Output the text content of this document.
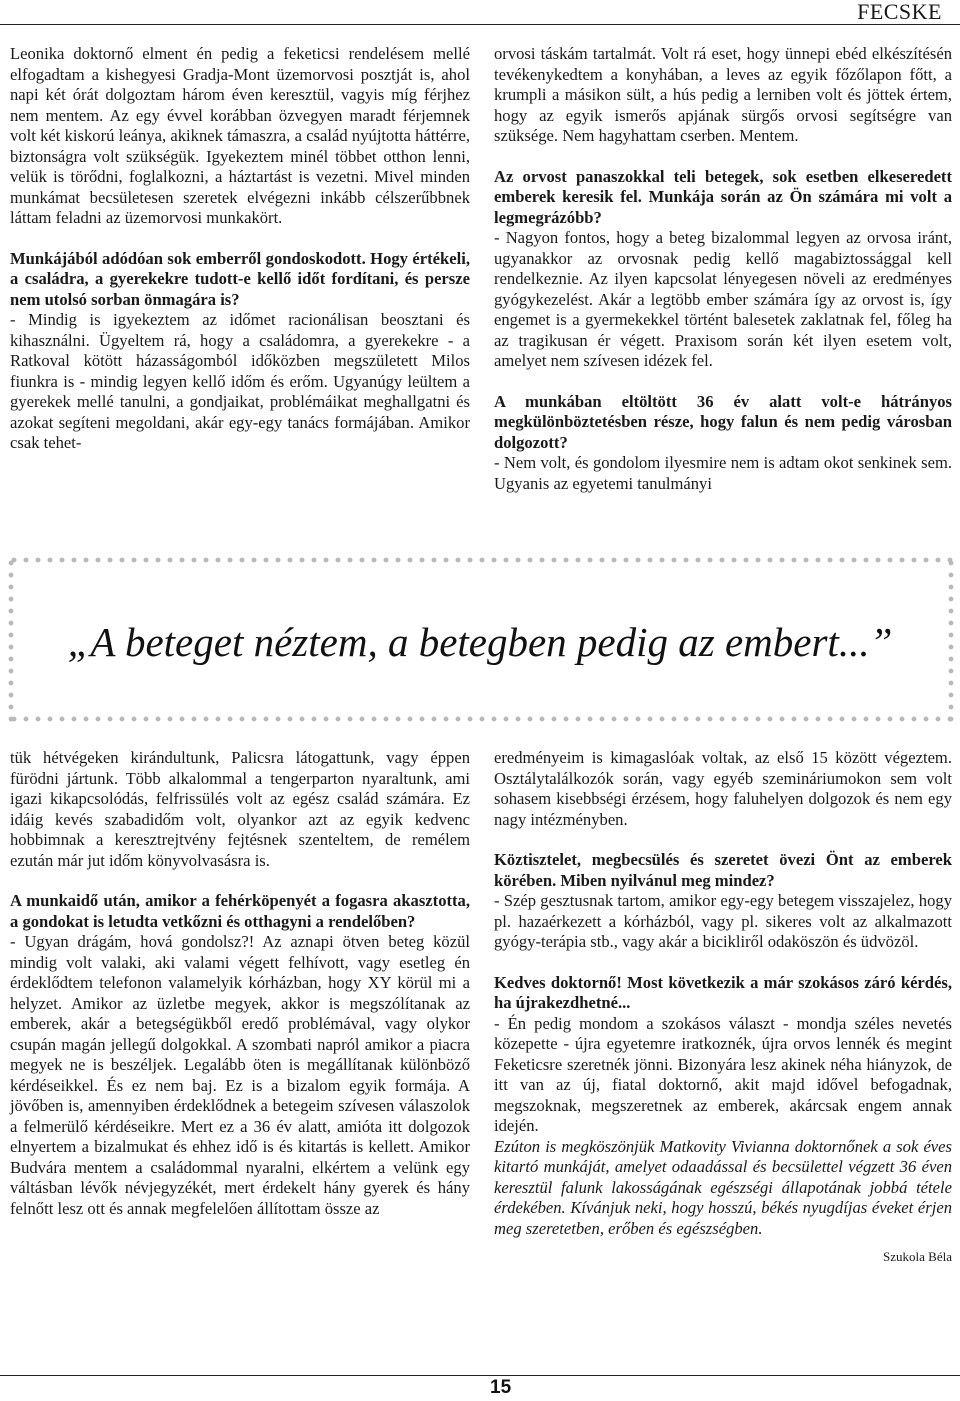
FECSKE

Leonika doktornő elment én pedig a feketicsi rendelésem mellé elfogadtam a kishegyesi Gradja-Mont üzemorvosi posztját is, ahol napi két órát dolgoztam három éven keresztül, vagyis míg férjhez nem mentem. Az egy évvel korábban özvegyen maradt férjemnek volt két kiskorú leánya, akiknek támaszra, a család nyújtotta háttérre, biztonságra volt szükségük. Igyekeztem minél többet otthon lenni, velük is törődni, foglalkozni, a háztartást is vezetni. Mivel minden munkámat becsületesen szeretek elvégezni inkább célszerűbbnek láttam feladni az üzemorvosi munkakört.

Munkájából adódóan sok emberről gondoskodott. Hogy értékeli, a családra, a gyerekekre tudott-e kellő időt fordítani, és persze nem utolsó sorban önmagára is?

- Mindig is igyekeztem az időmet racionálisan beosztani és kihasználni. Ügyeltem rá, hogy a családomra, a gyerekekre - a Ratkoval kötött házasságomból időközben megszületett Milos fiunkra is - mindig legyen kellő időm és erőm. Ugyanúgy leültem a gyerekek mellé tanulni, a gondjaikat, problémáikat meghallgatni és azokat segíteni megoldani, akár egy-egy tanács formájában. Amikor csak tehet-

orvosi táskám tartalmát. Volt rá eset, hogy ünnepi ebéd elkészítésén tevékenykedtem a konyhában, a leves az egyik főzőlapon főtt, a krumpli a másikon sült, a hús pedig a lerniben volt és jöttek értem, hogy az egyik ismerős apjának sürgős orvosi segítségre van szüksége. Nem hagyhattam cserben. Mentem.

Az orvost panaszokkal teli betegek, sok esetben elkeseredett emberek keresik fel. Munkája során az Ön számára mi volt a legmegrázóbb?

- Nagyon fontos, hogy a beteg bizalommal legyen az orvosa iránt, ugyanakkor az orvosnak pedig kellő magabiztossággal kell rendelkeznie. Az ilyen kapcsolat lényegesen növeli az eredményes gyógykezelést. Akár a legtöbb ember számára így az orvost is, így engemet is a gyermekekkel történt balesetek zaklatnak fel, főleg ha az tragikusan ér végett. Praxisom során két ilyen esetem volt, amelyet nem szívesen idézek fel.

A munkában eltöltött 36 év alatt volt-e hátrányos megkülönböztetésben része, hogy falun és nem pedig városban dolgozott?

- Nem volt, és gondolom ilyesmire nem is adtam okot senkinek sem. Ugyanis az egyetemi tanulmányi

„A beteget néztem, a betegben pedig az embert...”

tük hétvégeken kirándultunk, Palicsra látogattunk, vagy éppen fürödni jártunk. Több alkalommal a tengerparton nyaraltunk, ami igazi kikapcsolódás, felfrissülés volt az egész család számára. Ez idáig kevés szabadidőm volt, olyankor azt az egyik kedvenc hobbimnak a keresztrejtvény fejtésnek szenteltem, de remélem ezután már jut időm könyvolvasásra is.

A munkaidő után, amikor a fehérköpenyét a fogasra akasztotta, a gondokat is letudta vetkőzni és otthagyni a rendelőben?

- Ugyan drágám, hová gondolsz?! Az aznapi ötven beteg közül mindig volt valaki, aki valami végett felhívott, vagy esetleg én érdeklődtem telefonon valamelyik kórházban, hogy XY körül mi a helyzet. Amikor az üzletbe megyek, akkor is megszólítanak az emberek, akár a betegségükből eredő problémával, vagy olykor csupán magán jellegű dolgokkal. A szombati napról amikor a piacra megyek ne is beszéljek. Legalább öten is megállítanak különböző kérdéseikkel. És ez nem baj. Ez is a bizalom egyik formája. A jövőben is, amennyiben érdeklődnek a betegeim szívesen válaszolok a felmerülő kérdéseikre. Mert ez a 36 év alatt, amióta itt dolgozok elnyertem a bizalmukat és ehhez idő is és kitartás is kellett. Amikor Budvára mentem a családommal nyaralni, elkértem a velünk egy váltásban lévők névjegyzékét, mert érdekelt hány gyerek és hány felnőtt lesz ott és annak megfelelően állítottam össze az

eredményeim is kimagaslóak voltak, az első 15 között végeztem. Osztálytalálkozók során, vagy egyéb szemináriumokon sem volt sohasem kisebbségi érzésem, hogy faluhelyen dolgozok és nem egy nagy intézményben.

Köztisztelet, megbecsülés és szeretet övezi Önt az emberek körében. Miben nyilvánul meg mindez?

- Szép gesztusnak tartom, amikor egy-egy betegem visszajelez, hogy pl. hazaérkezett a kórházból, vagy pl. sikeres volt az alkalmazott gyógy-terápia stb., vagy akár a bicikliről odaköszön és üdvözöl.

Kedves doktornő! Most következik a már szokásos záró kérdés, ha újrakezdhetné...

- Én pedig mondom a szokásos választ - mondja széles nevetés közepette - újra egyetemre iratkoznék, újra orvos lennék és megint Feketicsre szeretnék jönni. Bizonyára lesz akinek néha hiányzok, de itt van az új, fiatal doktornő, akit majd idővel befogadnak, megszoknak, megszeretnek az emberek, akárcsak engem annak idején.

Ezúton is megköszönjük Matkovity Vivianna doktornőnek a sok éves kitartó munkáját, amelyet odaadással és becsülettel végzett 36 éven keresztül falunk lakosságának egészségi állapotának jobbá tétele érdekében. Kívánjuk neki, hogy hosszú, békés nyugdíjas éveket érjen meg szeretetben, erőben és egészségben.

Szukola Béla

15
